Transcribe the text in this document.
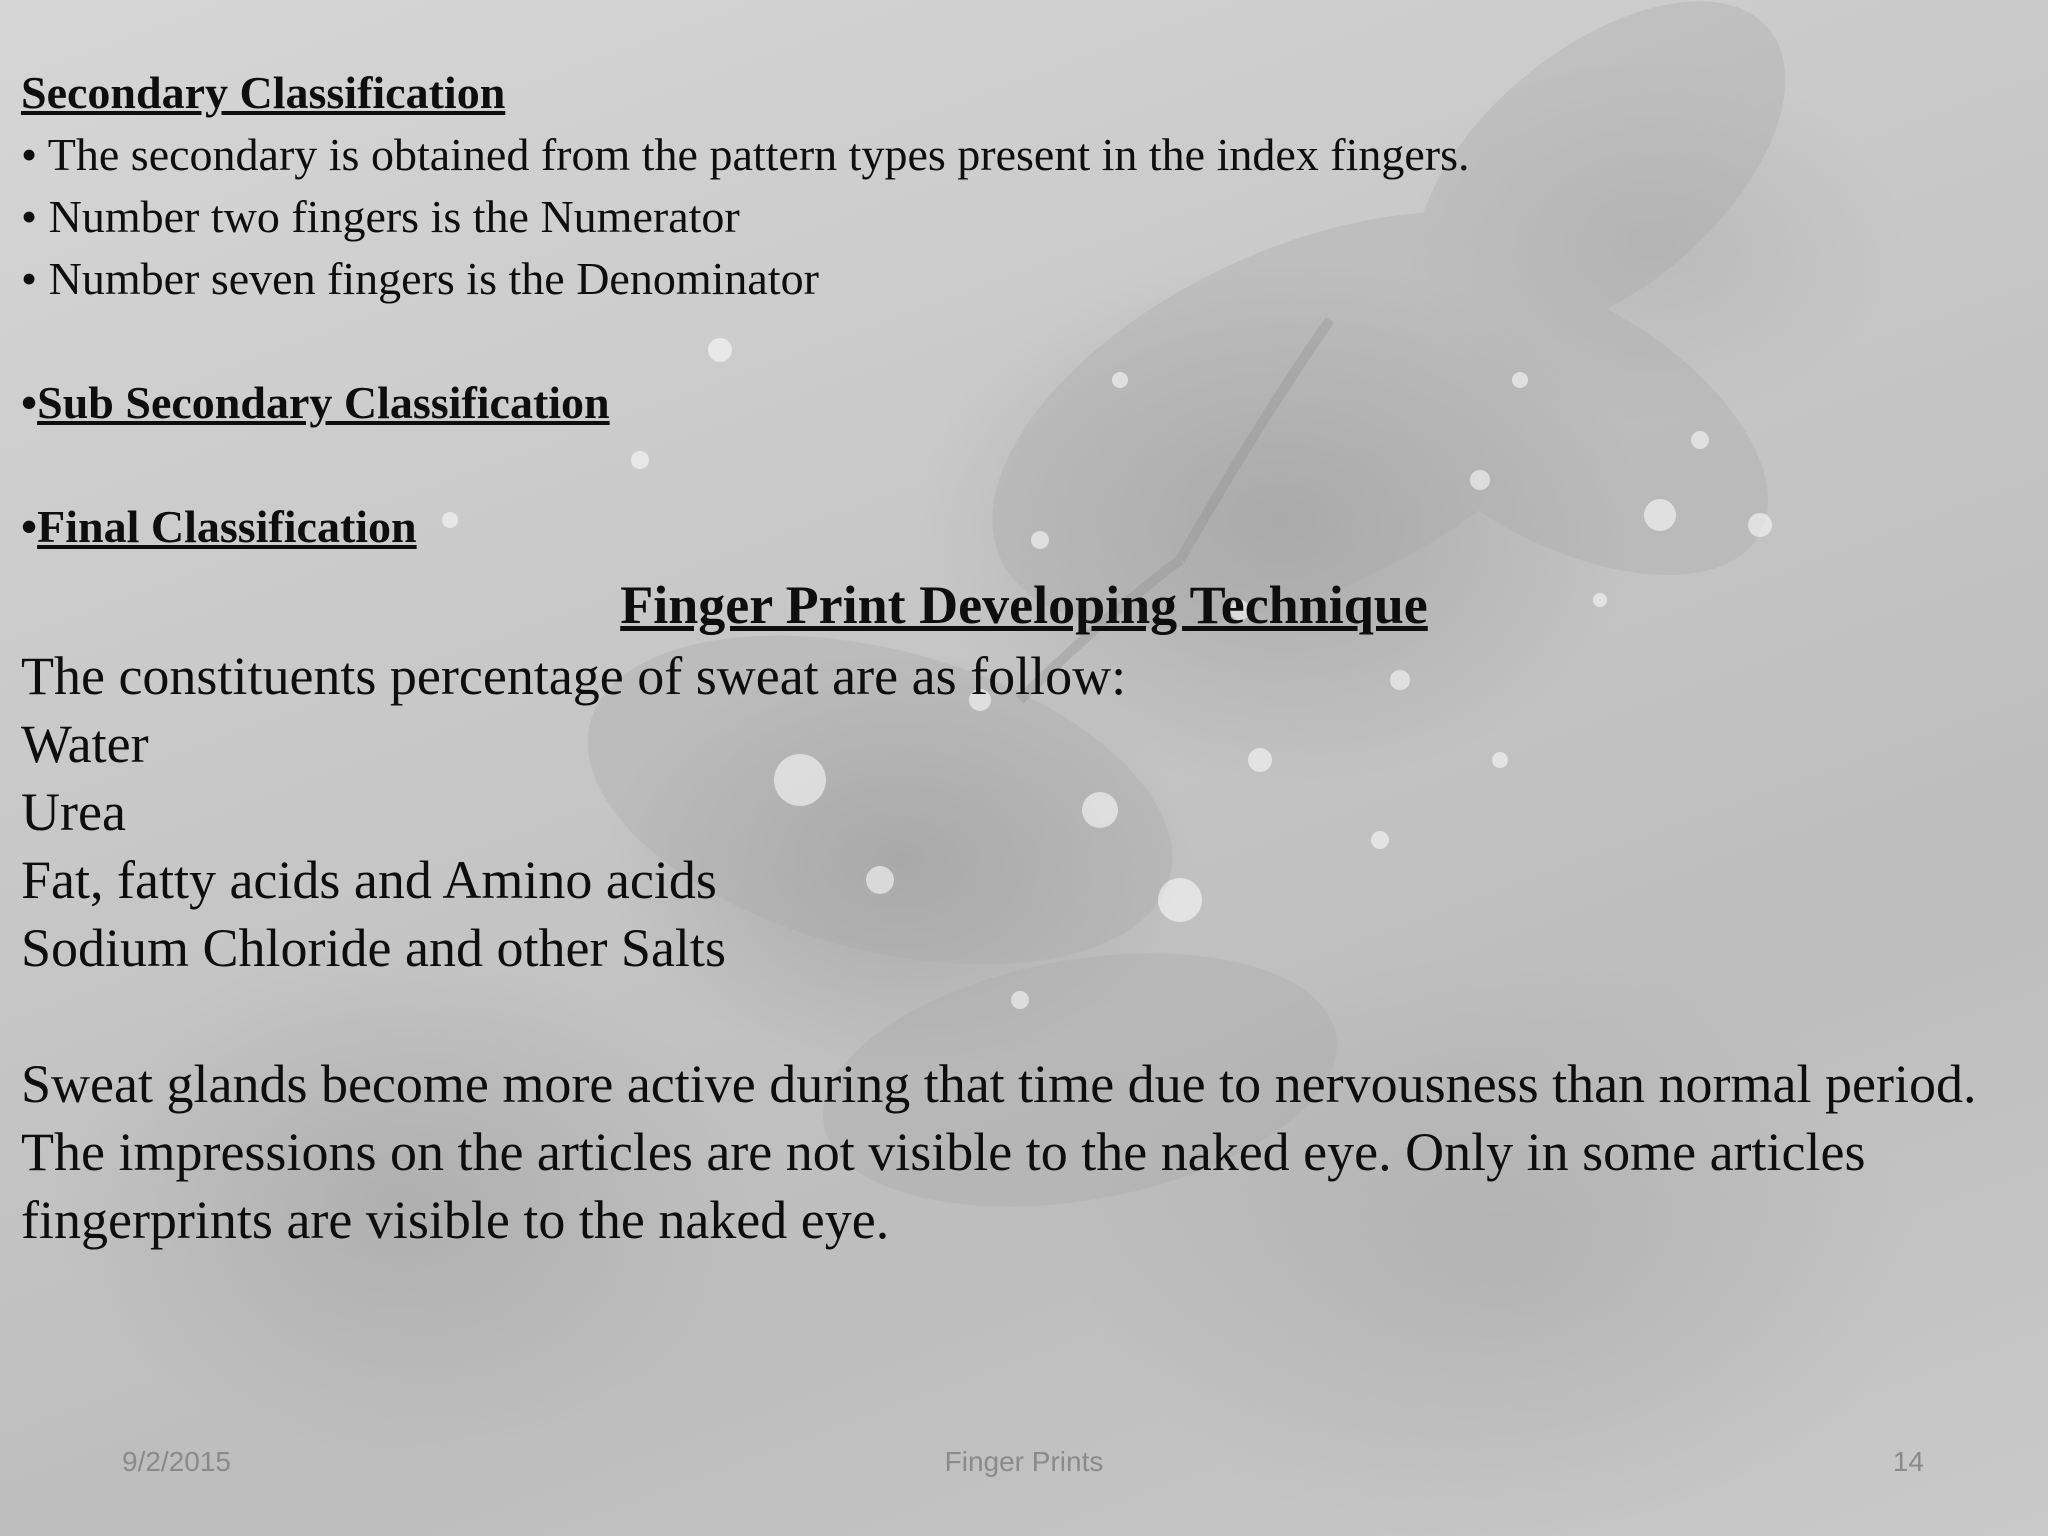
Secondary Classification

• The secondary is obtained from the pattern types present in the index fingers.

• Number two fingers is the Numerator

• Number seven fingers is the Denominator

•Sub Secondary Classification

•Final Classification

Finger Print Developing Technique

The constituents percentage of sweat are as follow:

Water

Urea

Fat, fatty acids and Amino acids

Sodium Chloride and other Salts

Sweat glands become more active during that time due to nervousness than normal period. The impressions on the articles are not visible to the naked eye. Only in some articles fingerprints are visible to the naked eye.

9/2/2015	Finger Prints	14
